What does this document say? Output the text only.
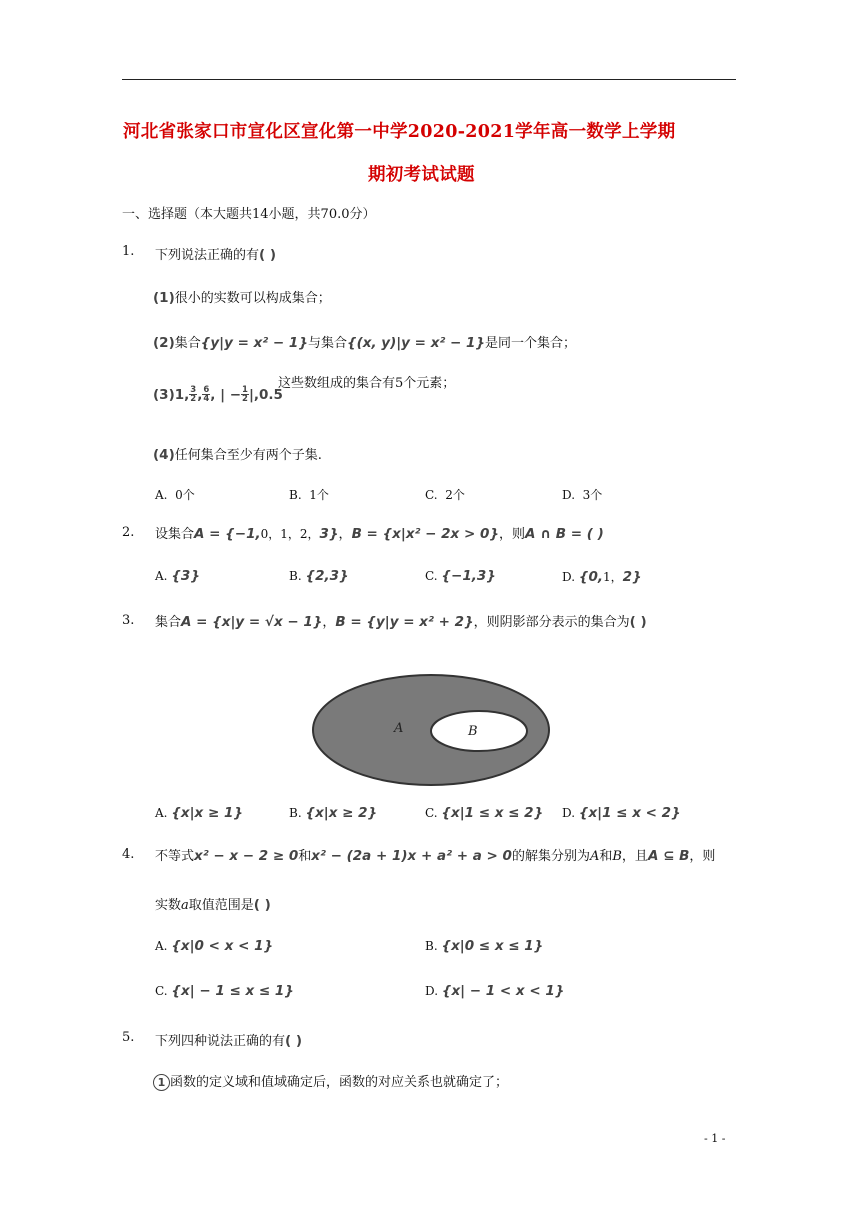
河北省张家口市宣化区宣化第一中学2020-2021学年高一数学上学期
期初考试试题
一、选择题（本大题共14小题，共70.0分）
1. 下列说法正确的有( )
(1)很小的实数可以构成集合；
(2)集合{y|y = x² − 1}与集合{(x, y)|y = x² − 1}是同一个集合；
(3)1, $\frac{3}{2}$ , $\frac{6}{4}$ , | − $\frac{1}{2} |,0.5$
这些数组成的集合有5个元素；
(4)任何集合至少有两个子集.
A. 0个	B. 1个	C. 2个	D. 3个
2. 设集合A = {−1,0，1，2，3}，B = {x|x² − 2x > 0}，则A ∩ B = ( )
A. {3}	B. {2,3}	C. {−1,3}	D. {0,1，2}
3. 集合A = {x|y = √x − 1}，B = {y|y = x² + 2}，则阴影部分表示的集合为( )
A	B
A. {x|x ≥ 1}	B. {x|x ≥ 2}	C. {x|1 ≤ x ≤ 2} D. {x|1 ≤ x < 2}
4. 不等式x² − x − 2 ≥ 0和x² − (2a + 1)x + a² + a > 0的解集分别为A和B，且A ⊆ B，则
实数a取值范围是( )
A. {x|0 < x < 1}	B. {x|0 ≤ x ≤ 1}
C. {x| − 1 ≤ x ≤ 1}	D. {x| − 1 < x < 1}
5. 下列四种说法正确的有( )
1 函数的定义域和值域确定后，函数的对应关系也就确定了；
- 1 -
